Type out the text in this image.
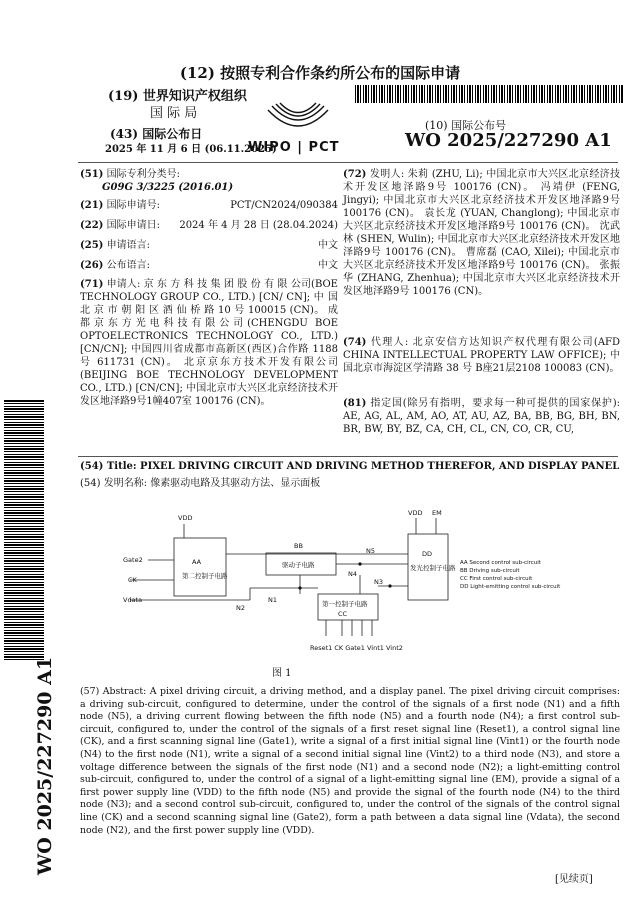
(12) 按照专利合作条约所公布的国际申请
(19) 世界知识产权组织
国 际 局
(43) 国际公布日
2025 年 11 月 6 日 (06.11.2025)
WIPO | PCT
(10) 国际公布号
WO 2025/227290 A1
(51) 国际专利分类号:
G09G 3/3225 (2016.01)
(21) 国际申请号:	PCT/CN2024/090384
(22) 国际申请日: 2024 年 4 月 28 日 (28.04.2024)
(25) 申请语言:	中文
(26) 公布语言:	中文
(71) 申请人: 京 东 方 科 技 集 团 股 份 有 限 公司(BOE TECHNOLOGY GROUP CO., LTD.) [CN/ CN]; 中 国 北 京 市 朝 阳 区 酒 仙 桥 路 10 号 100015 (CN)。 成都京东方光电科技有限公司(CHENGDU BOE OPTOELECTRONICS TECHNOLOGY CO., LTD.) [CN/CN]; 中国四川省成都市高新区(西区)合作路 1188 号 611731 (CN)。 北京京东方技术开发有限公司(BEIJING BOE TECHNOLOGY DEVELOPMENT CO., LTD.) [CN/CN]; 中国北京市大兴区北京经济技术开发区地泽路9号1幢407室 100176 (CN)。
(72) 发明人: 朱莉 (ZHU, Li); 中国北京市大兴区北京经济技术开发区地泽路9号 100176 (CN)。 冯靖伊 (FENG, Jingyi); 中国北京市大兴区北京经济技术开发区地泽路9号 100176 (CN)。 袁长龙 (YUAN, Changlong); 中国北京市大兴区北京经济技术开发区地泽路9号 100176 (CN)。 沈武林 (SHEN, Wulin); 中国北京市大兴区北京经济技术开发区地泽路9号 100176 (CN)。 曹席磊 (CAO, Xilei); 中国北京市大兴区北京经济技术开发区地泽路9号 100176 (CN)。 张振华 (ZHANG, Zhenhua); 中国北京市大兴区北京经济技术开发区地泽路9号 100176 (CN)。
(74) 代理人: 北京安信方达知识产权代理有限公司(AFD CHINA INTELLECTUAL PROPERTY LAW OFFICE); 中国北京市海淀区学清路 38 号 B座21层2108 100083 (CN)。
(81) 指定国(除另有指明，要求每一种可提供的国家保护): AE, AG, AL, AM, AO, AT, AU, AZ, BA, BB, BG, BH, BN, BR, BW, BY, BZ, CA, CH, CL, CN, CO, CR, CU,
(54) Title: PIXEL DRIVING CIRCUIT AND DRIVING METHOD THEREFOR, AND DISPLAY PANEL
(54) 发明名称: 像素驱动电路及其驱动方法、显示面板
WO 2025/227290 A1
VDD
VDD EM
Gate2
CK
Vdata
AA
第二控制子电路
BB
驱动子电路
CC
第一控制子电路
DD
发光控制子电路
N1
N2
N3
N4
N5
Reset1 CK Gate1 Vint1 Vint2
AA Second control sub-circuit
BB Driving sub-circuit
CC First control sub-circuit
DD Light-emitting control sub-circuit
图 1
(57) Abstract: A pixel driving circuit, a driving method, and a display panel. The pixel driving circuit comprises: a driving sub-circuit, configured to determine, under the control of the signals of a first node (N1) and a fifth node (N5), a driving current flowing between the fifth node (N5) and a fourth node (N4); a first control sub-circuit, configured to, under the control of the signals of a first reset signal line (Reset1), a control signal line (CK), and a first scanning signal line (Gate1), write a signal of a first initial signal line (Vint1) or the fourth node (N4) to the first node (N1), write a signal of a second initial signal line (Vint2) to a third node (N3), and store a voltage difference between the signals of the first node (N1) and a second node (N2); a light-emitting control sub-circuit, configured to, under the control of a signal of a light-emitting signal line (EM), provide a signal of a first power supply line (VDD) to the fifth node (N5) and provide the signal of the fourth node (N4) to the third node (N3); and a second control sub-circuit, configured to, under the control of the signals of the control signal line (CK) and a second scanning signal line (Gate2), form a path between a data signal line (Vdata), the second node (N2), and the first power supply line (VDD).
[见续页]
